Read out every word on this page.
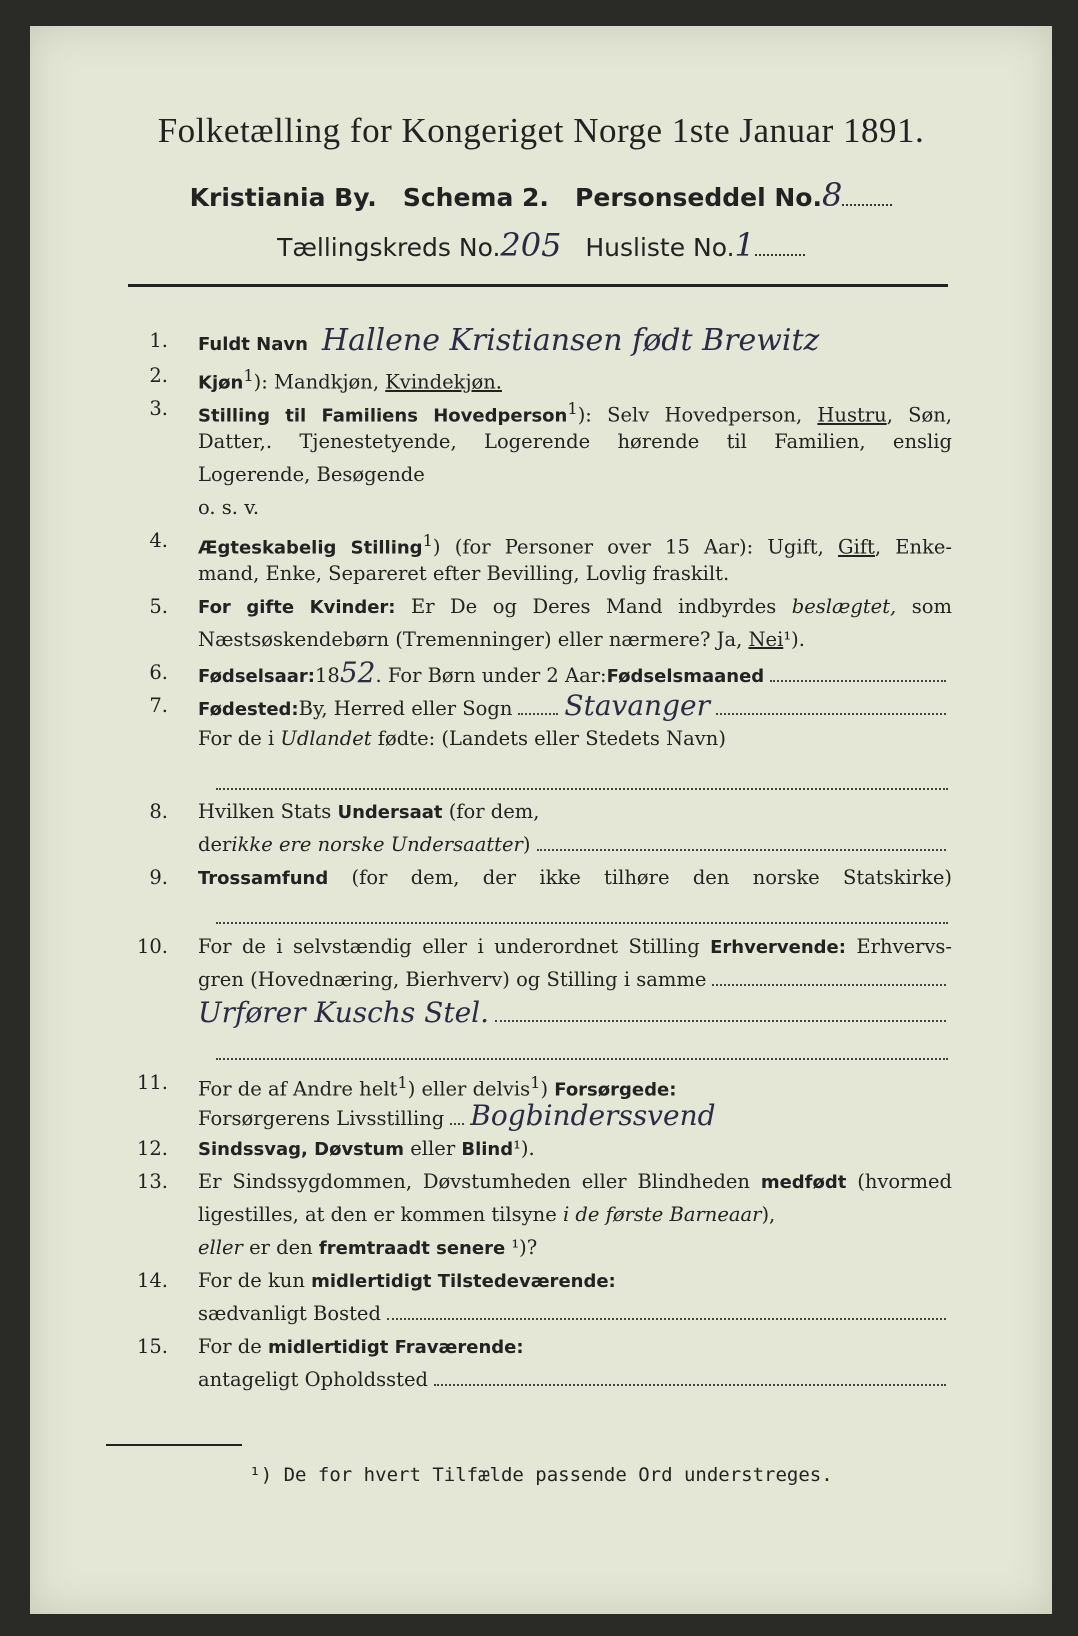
Folketælling for Kongeriget Norge 1ste Januar 1891.
Kristiania By. Schema 2. Personseddel No.8
Tællingskreds No.205 Husliste No.1
1. Fuldt Navn Hallene Kristiansen født Brewitz
2. Kjøn$^1$): Mandkjøn, Kvindekjøn.
3. Stilling til Familiens Hovedperson$^1$): Selv Hovedperson, Hustru, Søn,
Datter,. Tjenestetyende, Logerende hørende til Familien, enslig
Logerende, Besøgende
o. s. v.
4. Ægteskabelig Stilling$^1$) (for Personer over 15 Aar): Ugift, Gift, Enke-
mand, Enke, Separeret efter Bevilling, Lovlig fraskilt.
5. For gifte Kvinder: Er De og Deres Mand indbyrdes beslægtet, som
Næstsøskendebørn (Tremenninger) eller nærmere? Ja, Nei¹).
6. Fødselsaar: 18 52 . For Børn under 2 Aar: Fødselsmaaned
7. Fødested: By, Herred eller Sogn Stavanger
For de i Udlandet fødte: (Landets eller Stedets Navn)
8. Hvilken Stats Undersaat (for dem,
der ikke ere norske Undersaatter )
9. Trossamfund (for dem, der ikke tilhøre den norske Statskirke)
10. For de i selvstændig eller i underordnet Stilling Erhvervende: Erhvervs-
gren (Hovednæring, Bierhverv) og Stilling i samme
Urfører Kuschs Stel.
11. For de af Andre helt$^1$) eller delvis$^1$) Forsørgede:
Forsørgerens Livsstilling Bogbinderssvend
12. Sindssvag, Døvstum eller Blind¹).
13. Er Sindssygdommen, Døvstumheden eller Blindheden medfødt (hvormed
ligestilles, at den er kommen tilsyne i de første Barneaar),
eller er den fremtraadt senere ¹)?
14. For de kun midlertidigt Tilstedeværende:
sædvanligt Bosted
15. For de midlertidigt Fraværende:
antageligt Opholdssted
¹) De for hvert Tilfælde passende Ord understreges.
